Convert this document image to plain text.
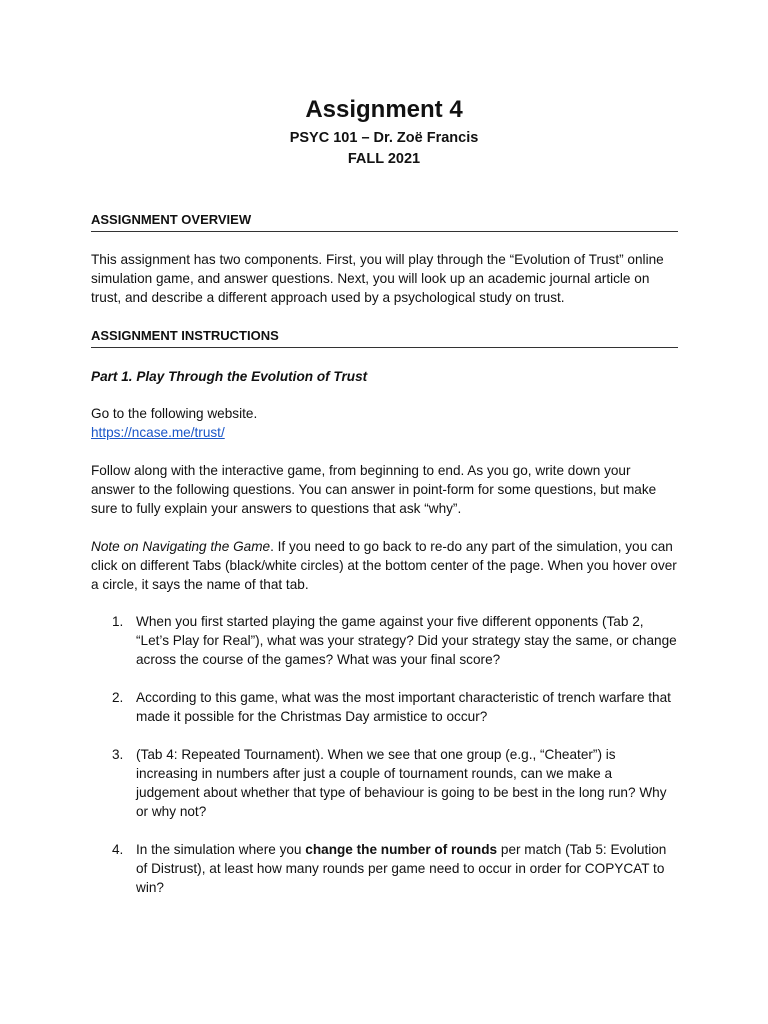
Assignment 4

PSYC 101 – Dr. Zoë Francis

FALL 2021

ASSIGNMENT OVERVIEW

This assignment has two components. First, you will play through the “Evolution of Trust” online simulation game, and answer questions. Next, you will look up an academic journal article on trust, and describe a different approach used by a psychological study on trust.

ASSIGNMENT INSTRUCTIONS

Part 1. Play Through the Evolution of Trust

Go to the following website.

https://ncase.me/trust/

Follow along with the interactive game, from beginning to end. As you go, write down your answer to the following questions. You can answer in point-form for some questions, but make sure to fully explain your answers to questions that ask “why”.

Note on Navigating the Game. If you need to go back to re-do any part of the simulation, you can click on different Tabs (black/white circles) at the bottom center of the page. When you hover over a circle, it says the name of that tab.

1. When you first started playing the game against your five different opponents (Tab 2, “Let’s Play for Real”), what was your strategy? Did your strategy stay the same, or change across the course of the games? What was your final score?
2. According to this game, what was the most important characteristic of trench warfare that made it possible for the Christmas Day armistice to occur?
3. (Tab 4: Repeated Tournament). When we see that one group (e.g., “Cheater”) is increasing in numbers after just a couple of tournament rounds, can we make a judgement about whether that type of behaviour is going to be best in the long run? Why or why not?
4. In the simulation where you change the number of rounds per match (Tab 5: Evolution of Distrust), at least how many rounds per game need to occur in order for COPYCAT to win?
